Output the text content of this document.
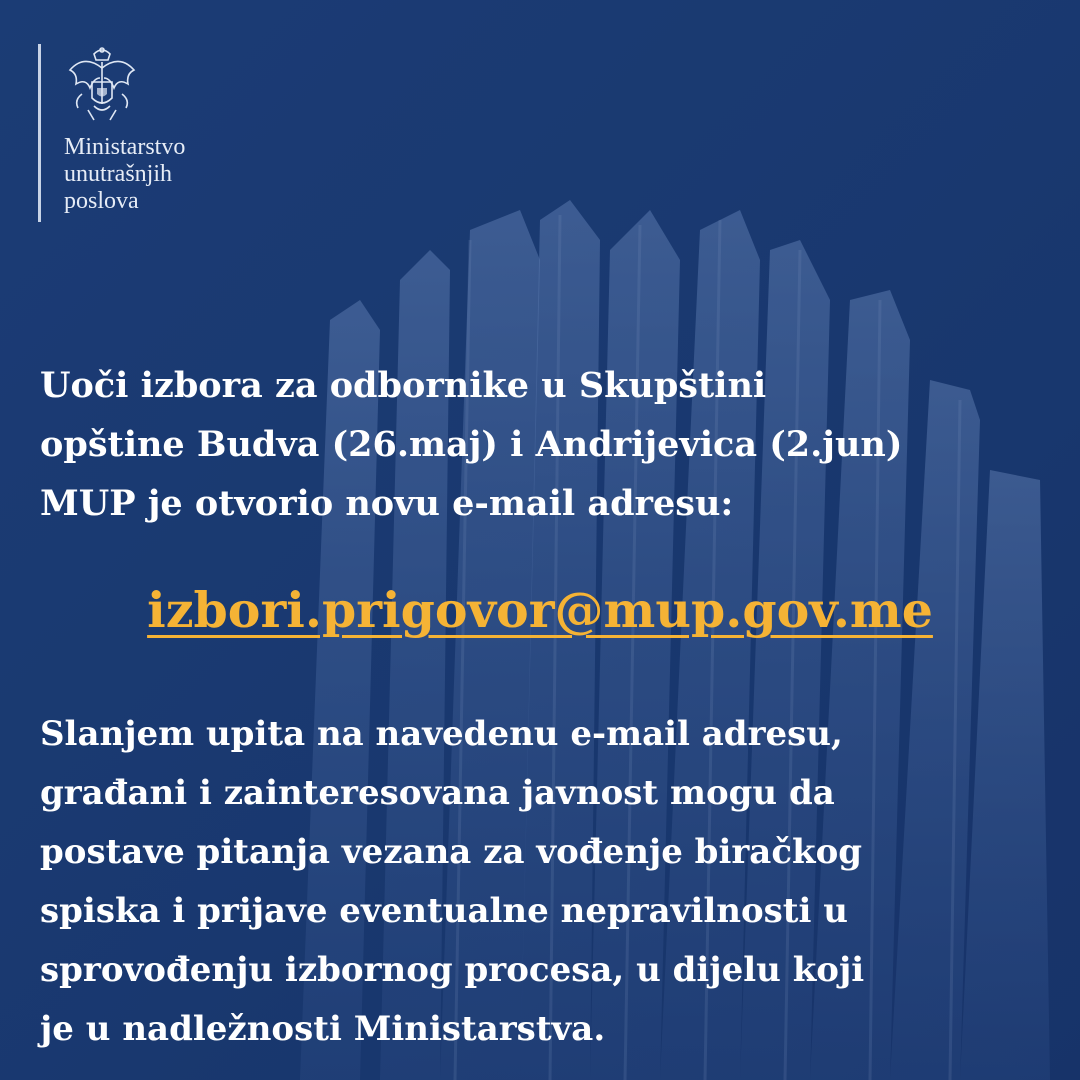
Ministarstvo
unutrašnjih
poslova

Uoči izbora za odbornike u Skupštini
opštine Budva (26.maj) i Andrijevica (2.jun)
MUP je otvorio novu e-mail adresu:

izbori.prigovor@mup.gov.me

Slanjem upita na navedenu e-mail adresu,
građani i zainteresovana javnost mogu da
postave pitanja vezana za vođenje biračkog
spiska i prijave eventualne nepravilnosti u
sprovođenju izbornog procesa, u dijelu koji
je u nadležnosti Ministarstva.
